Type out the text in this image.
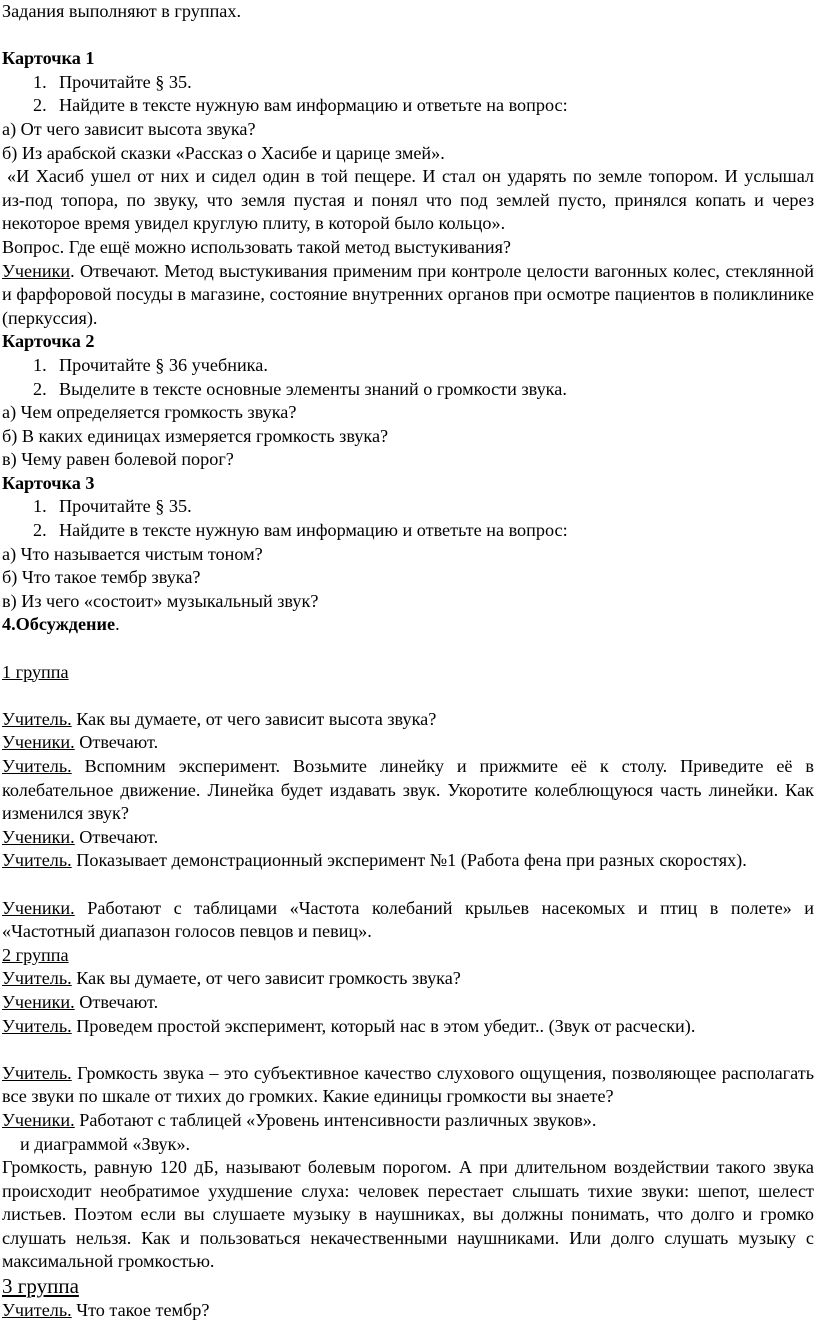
Задания выполняют в группах.

Карточка 1

1. Прочитайте § 35.
2. Найдите в тексте нужную вам информацию и ответьте на вопрос:

а) От чего зависит высота звука?

б) Из арабской сказки «Рассказ о Хасибе и царице змей».

«И Хасиб ушел от них и сидел один в той пещере. И стал он ударять по земле топором. И услышал

из-под топора, по звуку, что земля пустая и понял что под землей пусто, принялся копать и через

некоторое время увидел круглую плиту, в которой было кольцо».

Вопрос. Где ещё можно использовать такой метод выстукивания?

Ученики. Отвечают. Метод выстукивания применим при контроле целости вагонных колес, стеклянной и фарфоровой посуды в магазине, состояние внутренних органов при осмотре пациентов в поликлинике (перкуссия).

Карточка 2

1. Прочитайте § 36 учебника.
2. Выделите в тексте основные элементы знаний о громкости звука.

а) Чем определяется громкость звука?

б) В каких единицах измеряется громкость звука?

в) Чему равен болевой порог?

Карточка 3

1. Прочитайте § 35.
2. Найдите в тексте нужную вам информацию и ответьте на вопрос:

а) Что называется чистым тоном?

б) Что такое тембр звука?

в) Из чего «состоит» музыкальный звук?

4.Обсуждение.

1 группа

Учитель. Как вы думаете, от чего зависит высота звука?

Ученики. Отвечают.

Учитель. Вспомним эксперимент. Возьмите линейку и прижмите её к столу. Приведите её в колебательное движение. Линейка будет издавать звук. Укоротите колеблющуюся часть линейки. Как изменился звук?

Ученики. Отвечают.

Учитель. Показывает демонстрационный эксперимент №1 (Работа фена при разных скоростях).

Ученики. Работают с таблицами «Частота колебаний крыльев насекомых и птиц в полете» и «Частотный диапазон голосов певцов и певиц».

2 группа

Учитель. Как вы думаете, от чего зависит громкость звука?

Ученики. Отвечают.

Учитель. Проведем простой эксперимент, который нас в этом убедит.. (Звук от расчески).

Учитель. Громкость звука – это субъективное качество слухового ощущения, позволяющее располагать все звуки по шкале от тихих до громких. Какие единицы громкости вы знаете?

Ученики. Работают с таблицей «Уровень интенсивности различных звуков».

и диаграммой «Звук».

Громкость, равную 120 дБ, называют болевым порогом. А при длительном воздействии такого звука происходит необратимое ухудшение слуха: человек перестает слышать тихие звуки: шепот, шелест листьев. Поэтом если вы слушаете музыку в наушниках, вы должны понимать, что долго и громко слушать нельзя. Как и пользоваться некачественными наушниками. Или долго слушать музыку с максимальной громкостью.

3 группа

Учитель. Что такое тембр?
